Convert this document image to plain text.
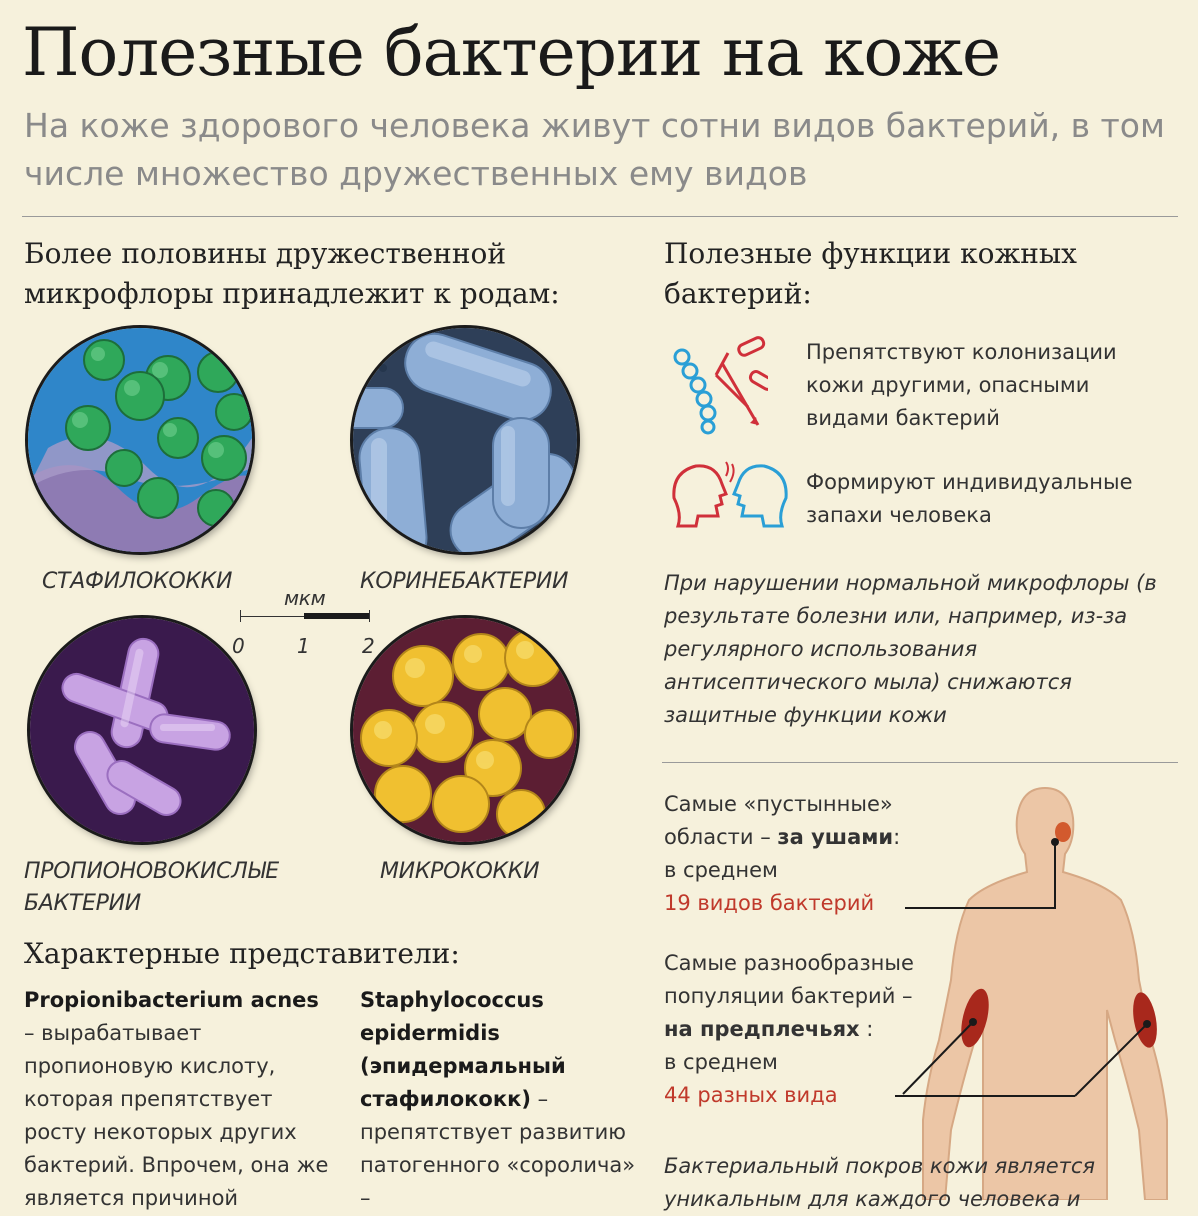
Полезные бактерии на коже
На коже здорового человека живут сотни видов бактерий, в том числе множество дружественных ему видов
Более половины дружественной микрофлоры принадлежит к родам:
СТАФИЛОКОККИ	КОРИНЕБАКТЕРИИ
мкм
0	1	2
ПРОПИОНОВОКИСЛЫЕ БАКТЕРИИ
МИКРОКОККИ
Характерные представители:
Propionibacterium acnes – вырабатывает пропионовую кислоту, которая препятствует росту некоторых других бактерий. Впрочем, она же является причиной
Staphylococcus epidermidis (эпидермальный стафилококк) – препятствует развитию патогенного «соролича» –
Полезные функции кожных бактерий:
Препятствуют колонизации кожи другими, опасными видами бактерий
Формируют индивидуальные запахи человека
При нарушении нормальной микрофлоры (в результате болезни или, например, из-за регулярного использования антисептического мыла) снижаются защитные функции кожи
Самые «пустынные»
области – за ушами:
в среднем
19 видов бактерий
Самые разнообразные
популяции бактерий –
на предплечьях :
в среднем
44 разных вида
Бактериальный покров кожи является уникальным для каждого человека и
